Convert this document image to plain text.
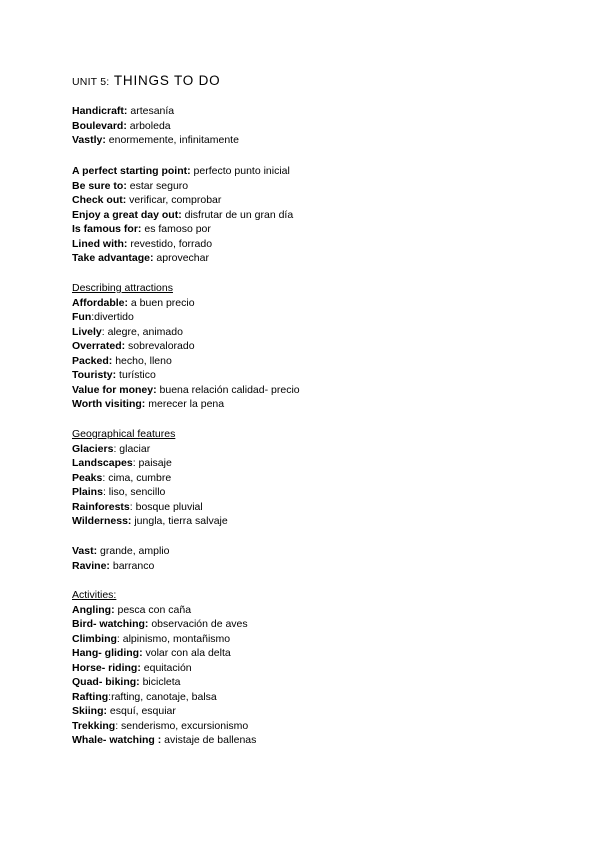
UNIT 5: THINGS TO DO
Handicraft: artesanía
Boulevard: arboleda
Vastly: enormemente, infinitamente
A perfect starting point: perfecto punto inicial
Be sure to: estar seguro
Check out: verificar, comprobar
Enjoy a great day out: disfrutar de un gran día
Is famous for: es famoso por
Lined with: revestido, forrado
Take advantage: aprovechar
Describing attractions
Affordable: a buen precio
Fun:divertido
Lively: alegre, animado
Overrated: sobrevalorado
Packed: hecho, lleno
Touristy: turístico
Value for money: buena relación calidad- precio
Worth visiting: merecer la pena
Geographical features
Glaciers: glaciar
Landscapes: paisaje
Peaks: cima, cumbre
Plains: liso, sencillo
Rainforests: bosque pluvial
Wilderness: jungla, tierra salvaje
Vast: grande, amplio
Ravine: barranco
Activities:
Angling: pesca con caña
Bird- watching: observación de aves
Climbing: alpinismo, montañismo
Hang- gliding: volar con ala delta
Horse- riding: equitación
Quad- biking: bicicleta
Rafting:rafting, canotaje, balsa
Skiing: esquí, esquiar
Trekking: senderismo, excursionismo
Whale- watching : avistaje de ballenas
